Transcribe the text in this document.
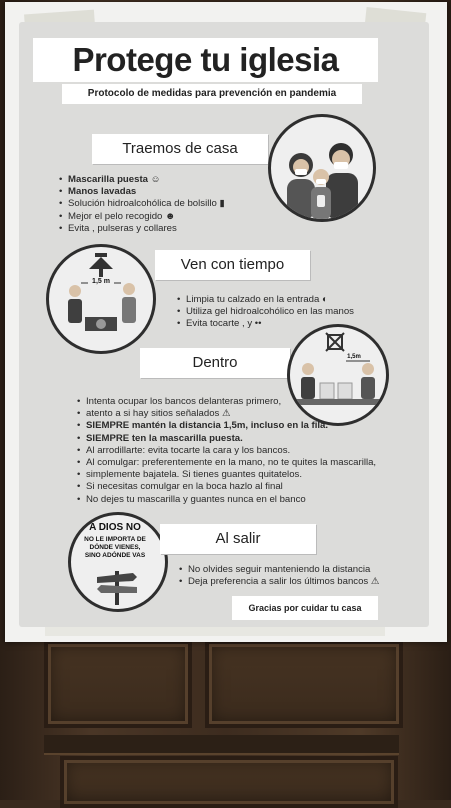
Protege tu iglesia
Protocolo de medidas para prevención en pandemia
Traemos de casa
• Mascarilla puesta ☺
• Manos lavadas
• Solución hidroalcohólica de bolsillo ▮
• Mejor el pelo recogido ☻
• Evita , pulseras y collares
1,5 m
Ven con tiempo
• Limpia tu calzado en la entrada ◐
• Utiliza gel hidroalcohólico en las manos
• Evita tocarte , y ••
Dentro	1,5m
• Intenta ocupar los bancos delanteras primero,
• atento a si hay sitios señalados ⚠
• SIEMPRE mantén la distancia 1,5m, incluso en la fila.
• SIEMPRE ten la mascarilla puesta.
• Al arrodillarte: evita tocarte la cara y los bancos.
• Al comulgar: preferentemente en la mano, no te quites la mascarilla,
• simplemente bajatela. Si tienes guantes quitatelos.
• Si necesitas comulgar en la boca hazlo al final
• No dejes tu mascarilla y guantes nunca en el banco
A DIOS NO
NO LE IMPORTA DE DÓNDE VIENES, SINO ADÓNDE VAS
Al salir
• No olvides seguir manteniendo la distancia
• Deja preferencia a salir los últimos bancos ⚠
Gracias por cuidar tu casa
